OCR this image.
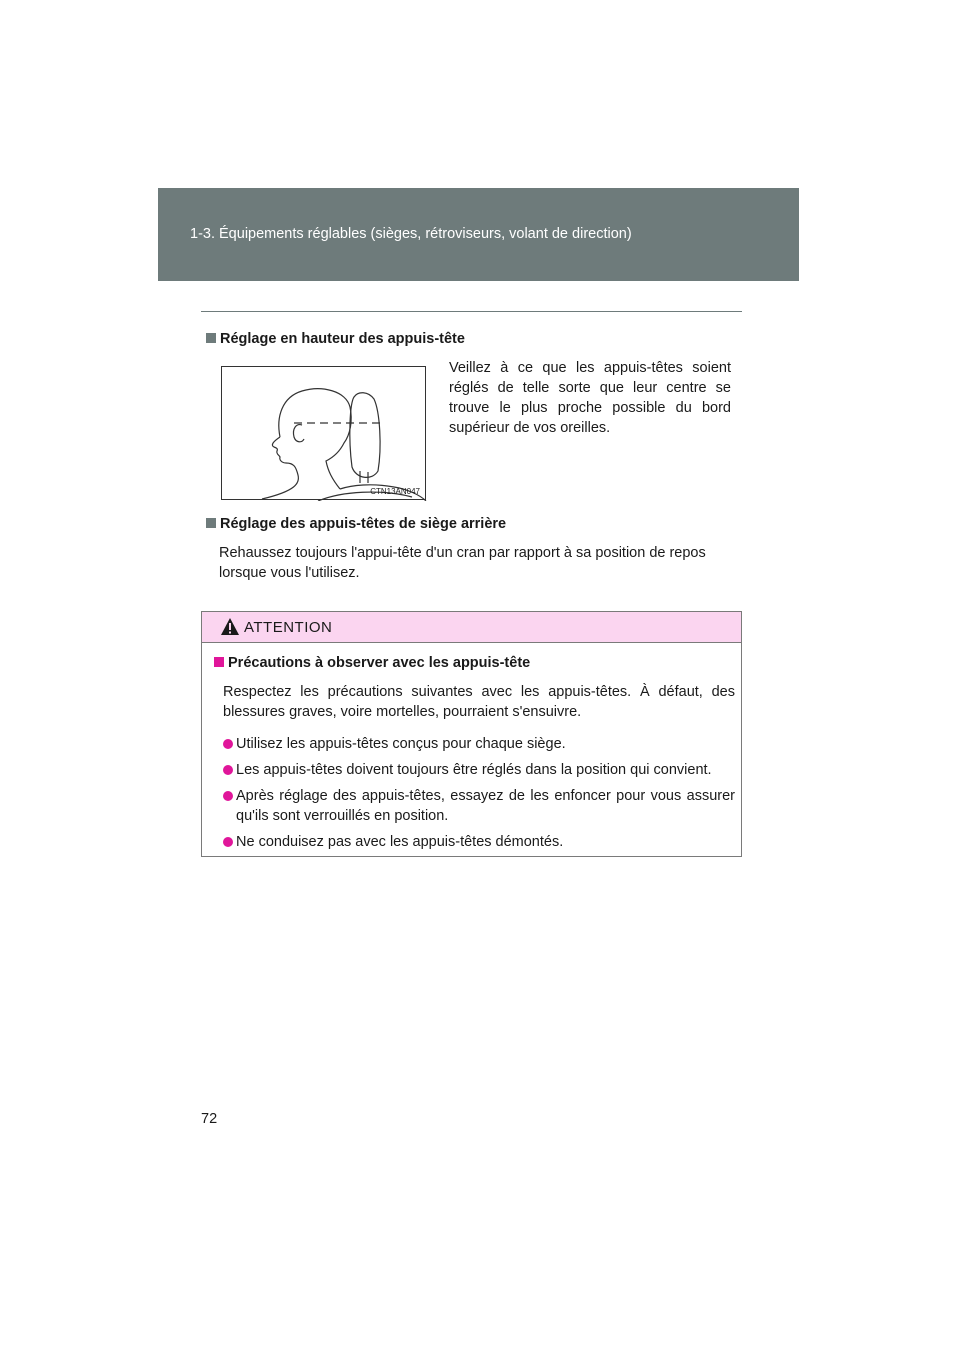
1-3. Équipements réglables (sièges, rétroviseurs, volant de direction)
Réglage en hauteur des appuis-tête
CTN13AN047
Veillez à ce que les appuis-têtes soient réglés de telle sorte que leur centre se trouve le plus proche possible du bord supérieur de vos oreilles.
Réglage des appuis-têtes de siège arrière
Rehaussez toujours l'appui-tête d'un cran par rapport à sa position de repos lorsque vous l'utilisez.
ATTENTION
Précautions à observer avec les appuis-tête
Respectez les précautions suivantes avec les appuis-têtes. À défaut, des blessures graves, voire mortelles, pourraient s'ensuivre.
Utilisez les appuis-têtes conçus pour chaque siège.
Les appuis-têtes doivent toujours être réglés dans la position qui convient.
Après réglage des appuis-têtes, essayez de les enfoncer pour vous assurer qu'ils sont verrouillés en position.
Ne conduisez pas avec les appuis-têtes démontés.
72
